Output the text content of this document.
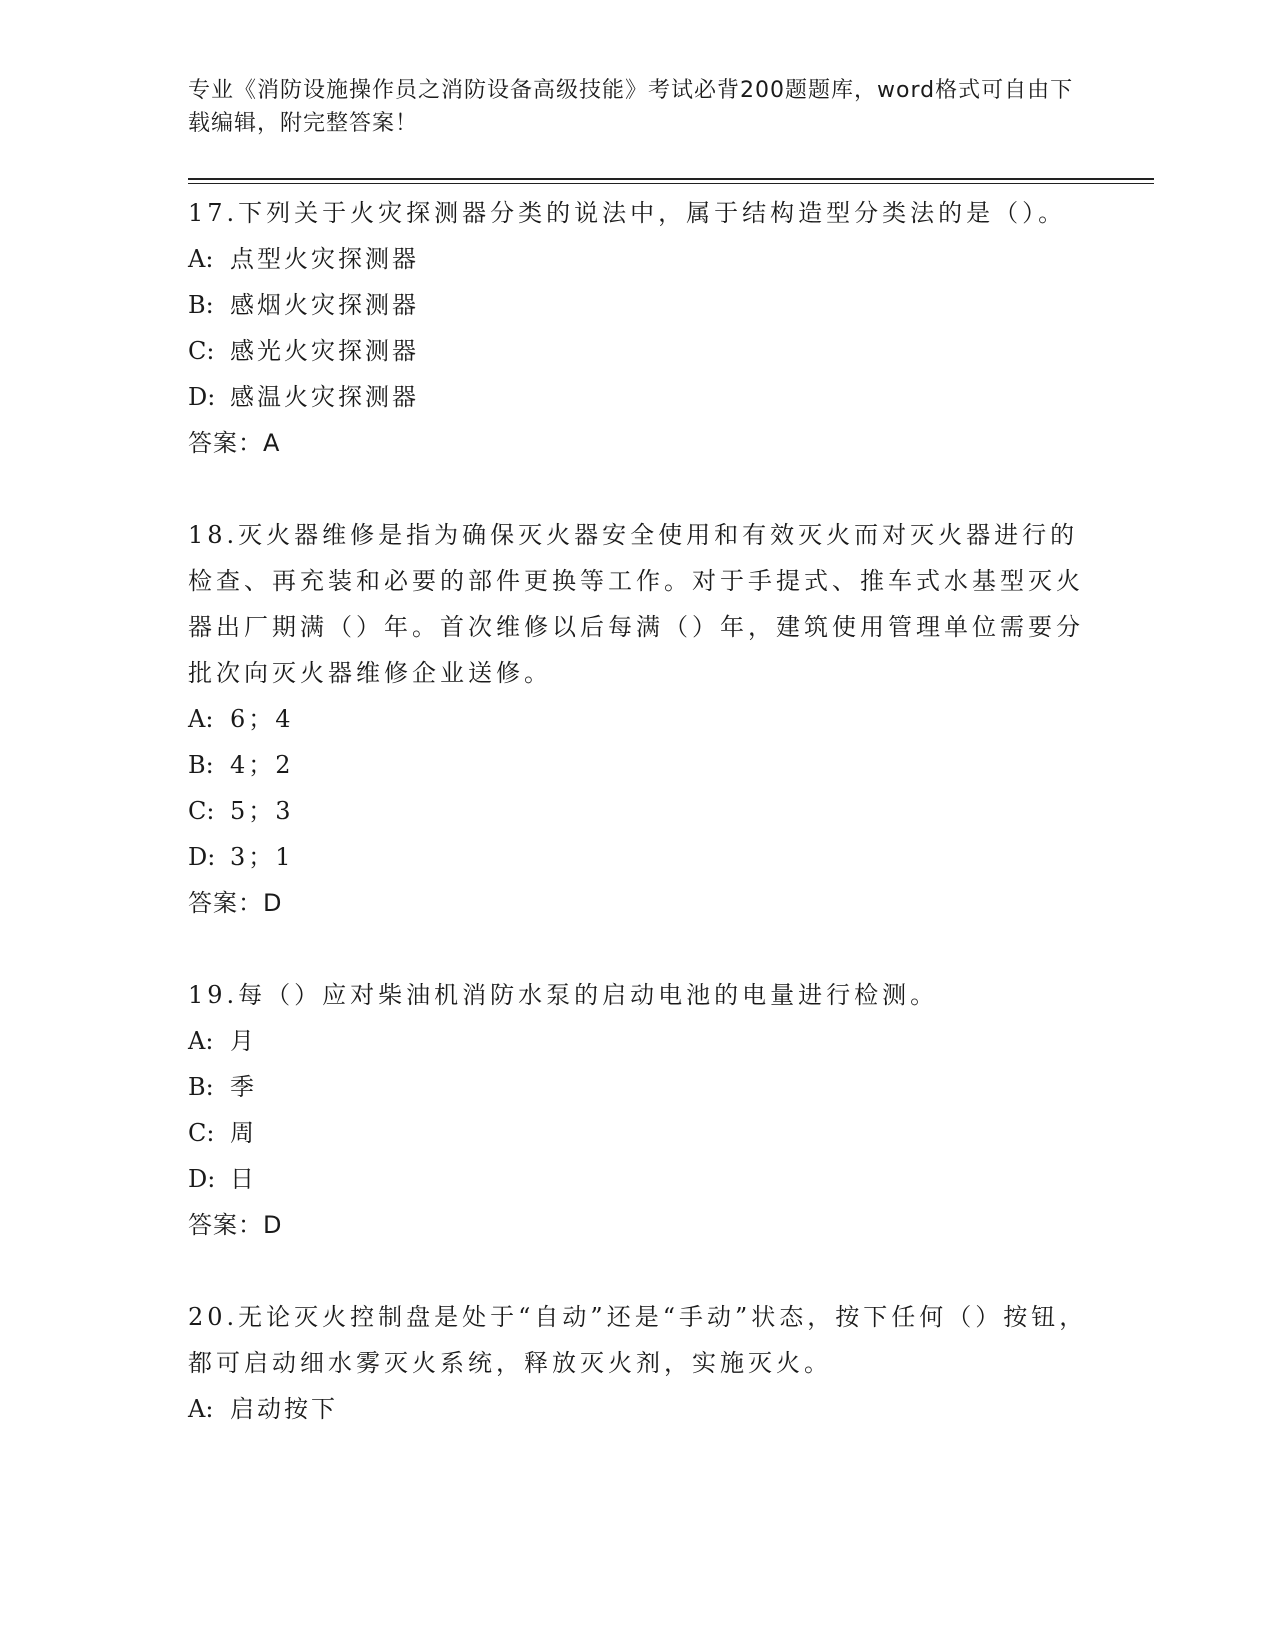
专业《消防设施操作员之消防设备高级技能》考试必背200题题库，word格式可自由下载编辑，附完整答案！

17.下列关于火灾探测器分类的说法中，属于结构造型分类法的是（）。

A: 点型火灾探测器

B: 感烟火灾探测器

C: 感光火灾探测器

D: 感温火灾探测器

答案：A

18.灭火器维修是指为确保灭火器安全使用和有效灭火而对灭火器进行的检查、再充装和必要的部件更换等工作。对于手提式、推车式水基型灭火器出厂期满（）年。首次维修以后每满（）年，建筑使用管理单位需要分批次向灭火器维修企业送修。

A: 6；4

B: 4；2

C: 5；3

D: 3；1

答案：D

19.每（）应对柴油机消防水泵的启动电池的电量进行检测。

A: 月

B: 季

C: 周

D: 日

答案：D

20.无论灭火控制盘是处于“自动”还是“手动”状态，按下任何（）按钮，都可启动细水雾灭火系统，释放灭火剂，实施灭火。

A: 启动按下
